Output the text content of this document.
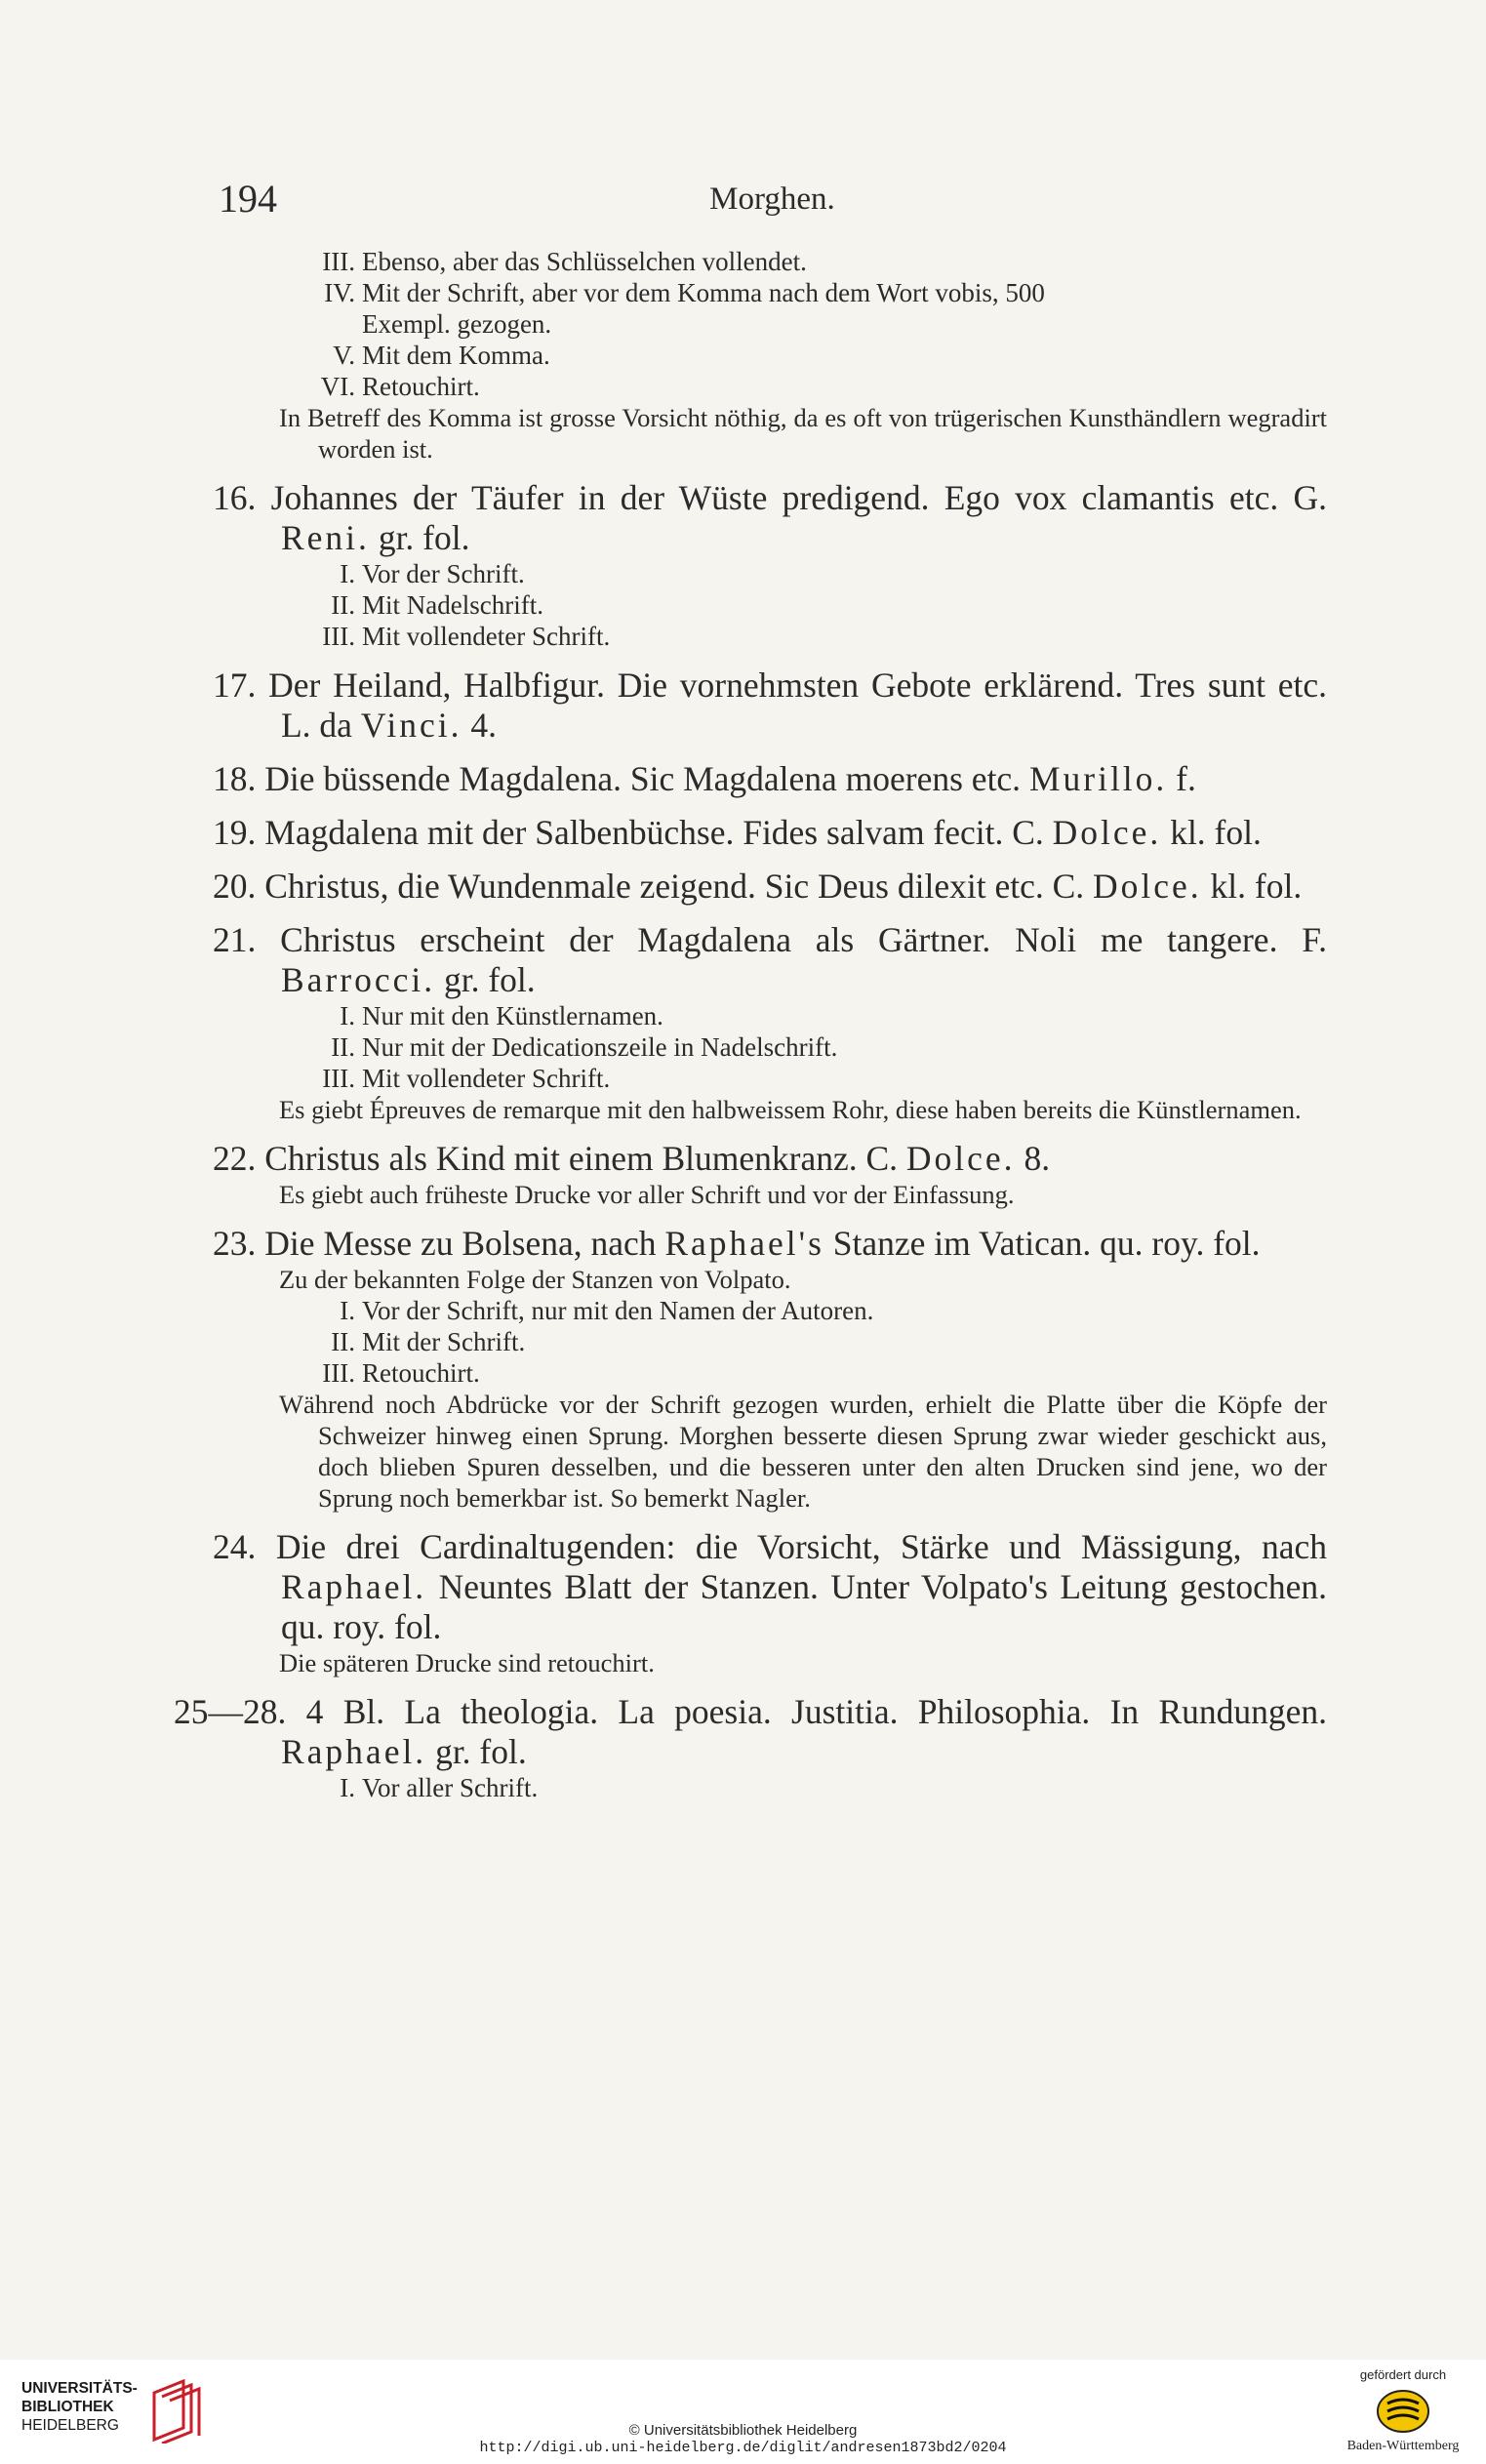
194	Morghen.
III. Ebenso, aber das Schlüsselchen vollendet.
IV. Mit der Schrift, aber vor dem Komma nach dem Wort vobis, 500
Exempl. gezogen.
V. Mit dem Komma.
VI. Retouchirt.

In Betreff des Komma ist grosse Vorsicht nöthig, da es oft von trügerischen Kunsthändlern wegradirt worden ist.

16. Johannes der Täufer in der Wüste predigend. Ego vox clamantis etc. G. Reni. gr. fol.

I. Vor der Schrift.
II. Mit Nadelschrift.
III. Mit vollendeter Schrift.

17. Der Heiland, Halbfigur. Die vornehmsten Gebote erklärend. Tres sunt etc. L. da Vinci. 4.

18. Die büssende Magdalena. Sic Magdalena moerens etc. Murillo. f.

19. Magdalena mit der Salbenbüchse. Fides salvam fecit. C. Dolce. kl. fol.

20. Christus, die Wundenmale zeigend. Sic Deus dilexit etc. C. Dolce. kl. fol.

21. Christus erscheint der Magdalena als Gärtner. Noli me tangere. F. Barrocci. gr. fol.

I. Nur mit den Künstlernamen.
II. Nur mit der Dedicationszeile in Nadelschrift.
III. Mit vollendeter Schrift.

Es giebt Épreuves de remarque mit den halbweissem Rohr, diese haben bereits die Künstlernamen.

22. Christus als Kind mit einem Blumenkranz. C. Dolce. 8.

Es giebt auch früheste Drucke vor aller Schrift und vor der Einfassung.

23. Die Messe zu Bolsena, nach Raphael's Stanze im Vatican. qu. roy. fol.

Zu der bekannten Folge der Stanzen von Volpato.

I. Vor der Schrift, nur mit den Namen der Autoren.
II. Mit der Schrift.
III. Retouchirt.

Während noch Abdrücke vor der Schrift gezogen wurden, erhielt die Platte über die Köpfe der Schweizer hinweg einen Sprung. Morghen besserte diesen Sprung zwar wieder geschickt aus, doch blieben Spuren desselben, und die besseren unter den alten Drucken sind jene, wo der Sprung noch bemerkbar ist. So bemerkt Nagler.

24. Die drei Cardinaltugenden: die Vorsicht, Stärke und Mässigung, nach Raphael. Neuntes Blatt der Stanzen. Unter Volpato's Leitung gestochen. qu. roy. fol.

Die späteren Drucke sind retouchirt.

25—28. 4 Bl. La theologia. La poesia. Justitia. Philosophia. In Rundungen. Raphael. gr. fol.

I. Vor aller Schrift.
UNIVERSITÄTS-
BIBLIOTHEK
HEIDELBERG	© Universitätsbibliothek Heidelberg
http://digi.ub.uni-heidelberg.de/diglit/andresen1873bd2/0204
gefördert durch
Baden-Württemberg
